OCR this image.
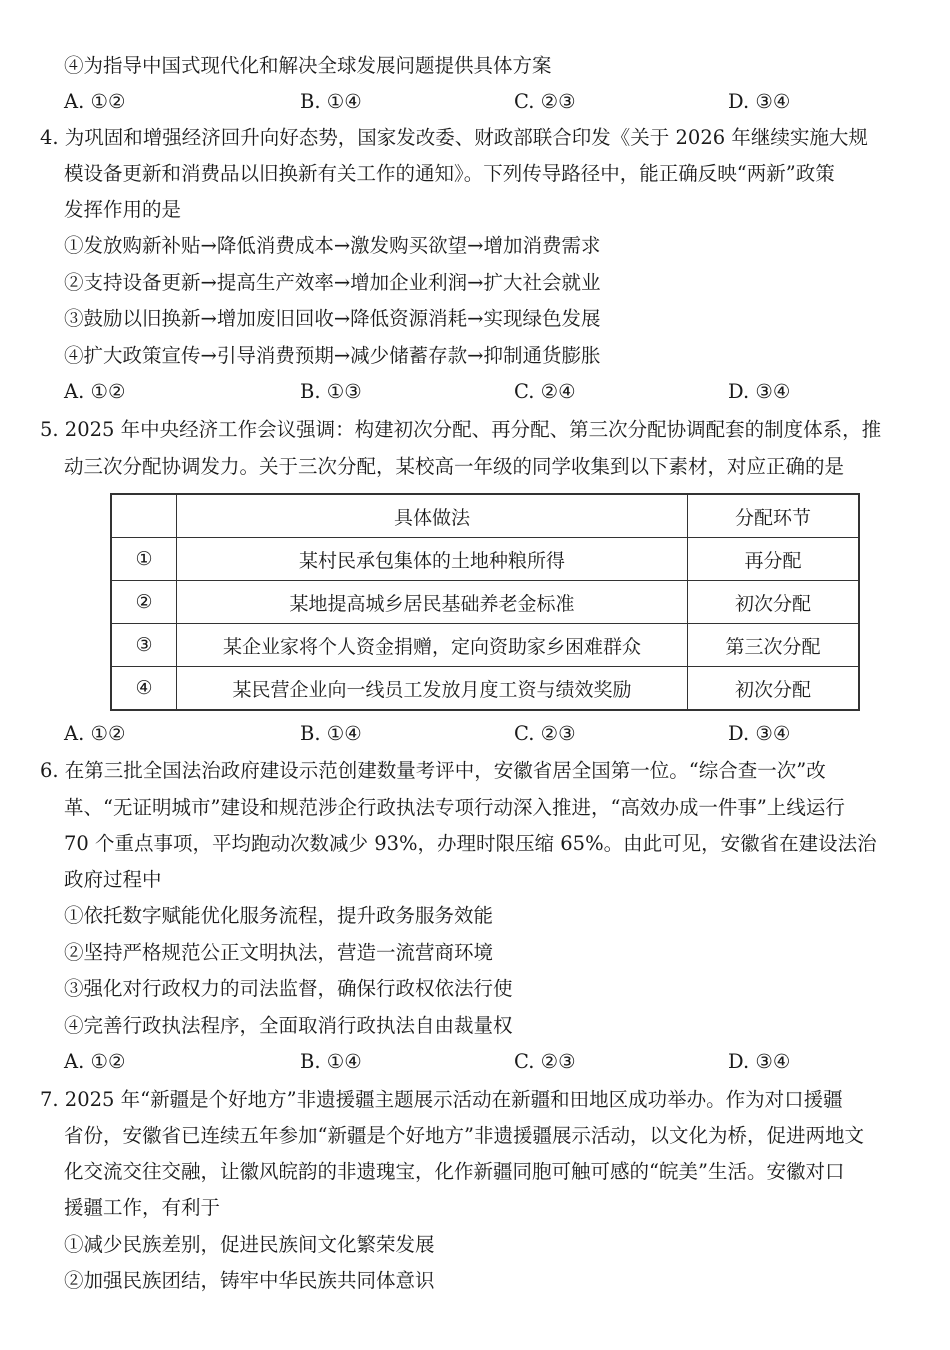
④为指导中国式现代化和解决全球发展问题提供具体方案
A. ①②	B. ①④	C. ②③	D. ③④
4. 为巩固和增强经济回升向好态势，国家发改委、财政部联合印发《关于 2026 年继续实施大规
模设备更新和消费品以旧换新有关工作的通知》。下列传导路径中，能正确反映“两新”政策
发挥作用的是
①发放购新补贴→降低消费成本→激发购买欲望→增加消费需求
②支持设备更新→提高生产效率→增加企业利润→扩大社会就业
③鼓励以旧换新→增加废旧回收→降低资源消耗→实现绿色发展
④扩大政策宣传→引导消费预期→减少储蓄存款→抑制通货膨胀
A. ①②	B. ①③	C. ②④	D. ③④
5. 2025 年中央经济工作会议强调：构建初次分配、再分配、第三次分配协调配套的制度体系，推
动三次分配协调发力。关于三次分配，某校高一年级的同学收集到以下素材，对应正确的是
	具体做法	分配环节
①	某村民承包集体的土地种粮所得	再分配
②	某地提高城乡居民基础养老金标准	初次分配
③	某企业家将个人资金捐赠，定向资助家乡困难群众	第三次分配
④	某民营企业向一线员工发放月度工资与绩效奖励	初次分配
A. ①②	B. ①④	C. ②③	D. ③④
6. 在第三批全国法治政府建设示范创建数量考评中，安徽省居全国第一位。“综合查一次”改
革、“无证明城市”建设和规范涉企行政执法专项行动深入推进，“高效办成一件事”上线运行
70 个重点事项，平均跑动次数减少 93%，办理时限压缩 65%。由此可见，安徽省在建设法治
政府过程中
①依托数字赋能优化服务流程，提升政务服务效能
②坚持严格规范公正文明执法，营造一流营商环境
③强化对行政权力的司法监督，确保行政权依法行使
④完善行政执法程序，全面取消行政执法自由裁量权
A. ①②	B. ①④	C. ②③	D. ③④
7. 2025 年“新疆是个好地方”非遗援疆主题展示活动在新疆和田地区成功举办。作为对口援疆
省份，安徽省已连续五年参加“新疆是个好地方”非遗援疆展示活动，以文化为桥，促进两地文
化交流交往交融，让徽风皖韵的非遗瑰宝，化作新疆同胞可触可感的“皖美”生活。安徽对口
援疆工作，有利于
①减少民族差别，促进民族间文化繁荣发展
②加强民族团结，铸牢中华民族共同体意识
